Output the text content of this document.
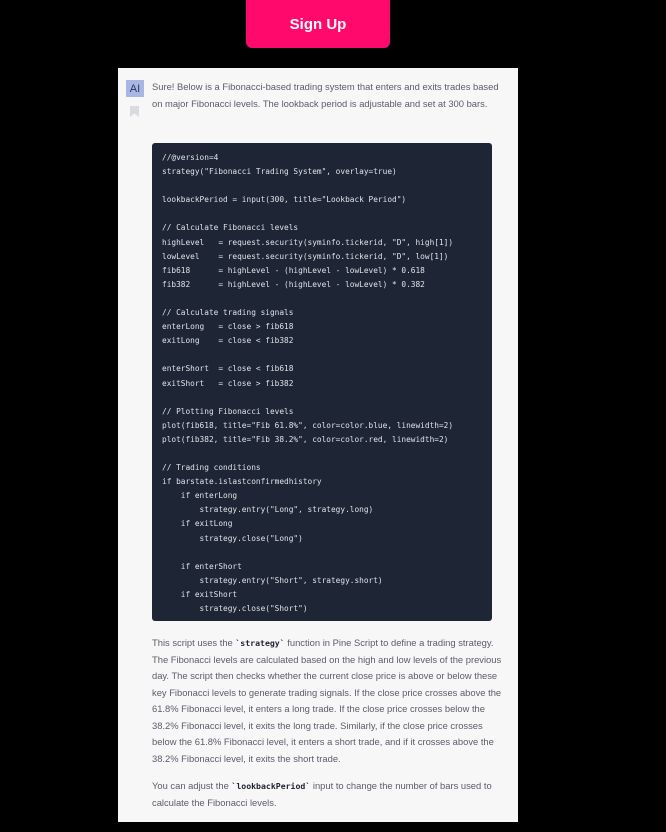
Sign Up
AI	Sure! Below is a Fibonacci-based trading system that enters and exits trades based on major Fibonacci levels. The lookback period is adjustable and set at 300 bars.

//@version=4
strategy("Fibonacci Trading System", overlay=true)
lookbackPeriod = input(300, title="Lookback Period")
// Calculate Fibonacci levels
highLevel   = request.security(syminfo.tickerid, "D", high[1])
lowLevel    = request.security(syminfo.tickerid, "D", low[1])
fib618      = highLevel - (highLevel - lowLevel) * 0.618
fib382      = highLevel - (highLevel - lowLevel) * 0.382
// Calculate trading signals
enterLong   = close > fib618
exitLong    = close < fib382
enterShort  = close < fib618
exitShort   = close > fib382
// Plotting Fibonacci levels
plot(fib618, title="Fib 61.8%", color=color.blue, linewidth=2)
plot(fib382, title="Fib 38.2%", color=color.red, linewidth=2)
// Trading conditions
if barstate.islastconfirmedhistory
if enterLong
strategy.entry("Long", strategy.long)
if exitLong
strategy.close("Long")
if enterShort
strategy.entry("Short", strategy.short)
if exitShort
strategy.close("Short")

This script uses the `strategy` function in Pine Script to define a trading strategy. The Fibonacci levels are calculated based on the high and low levels of the previous day. The script then checks whether the current close price is above or below these key Fibonacci levels to generate trading signals. If the close price crosses above the 61.8% Fibonacci level, it enters a long trade. If the close price crosses below the 38.2% Fibonacci level, it exits the long trade. Similarly, if the close price crosses below the 61.8% Fibonacci level, it enters a short trade, and if it crosses above the 38.2% Fibonacci level, it exits the short trade.

You can adjust the `lookbackPeriod` input to change the number of bars used to calculate the Fibonacci levels.
